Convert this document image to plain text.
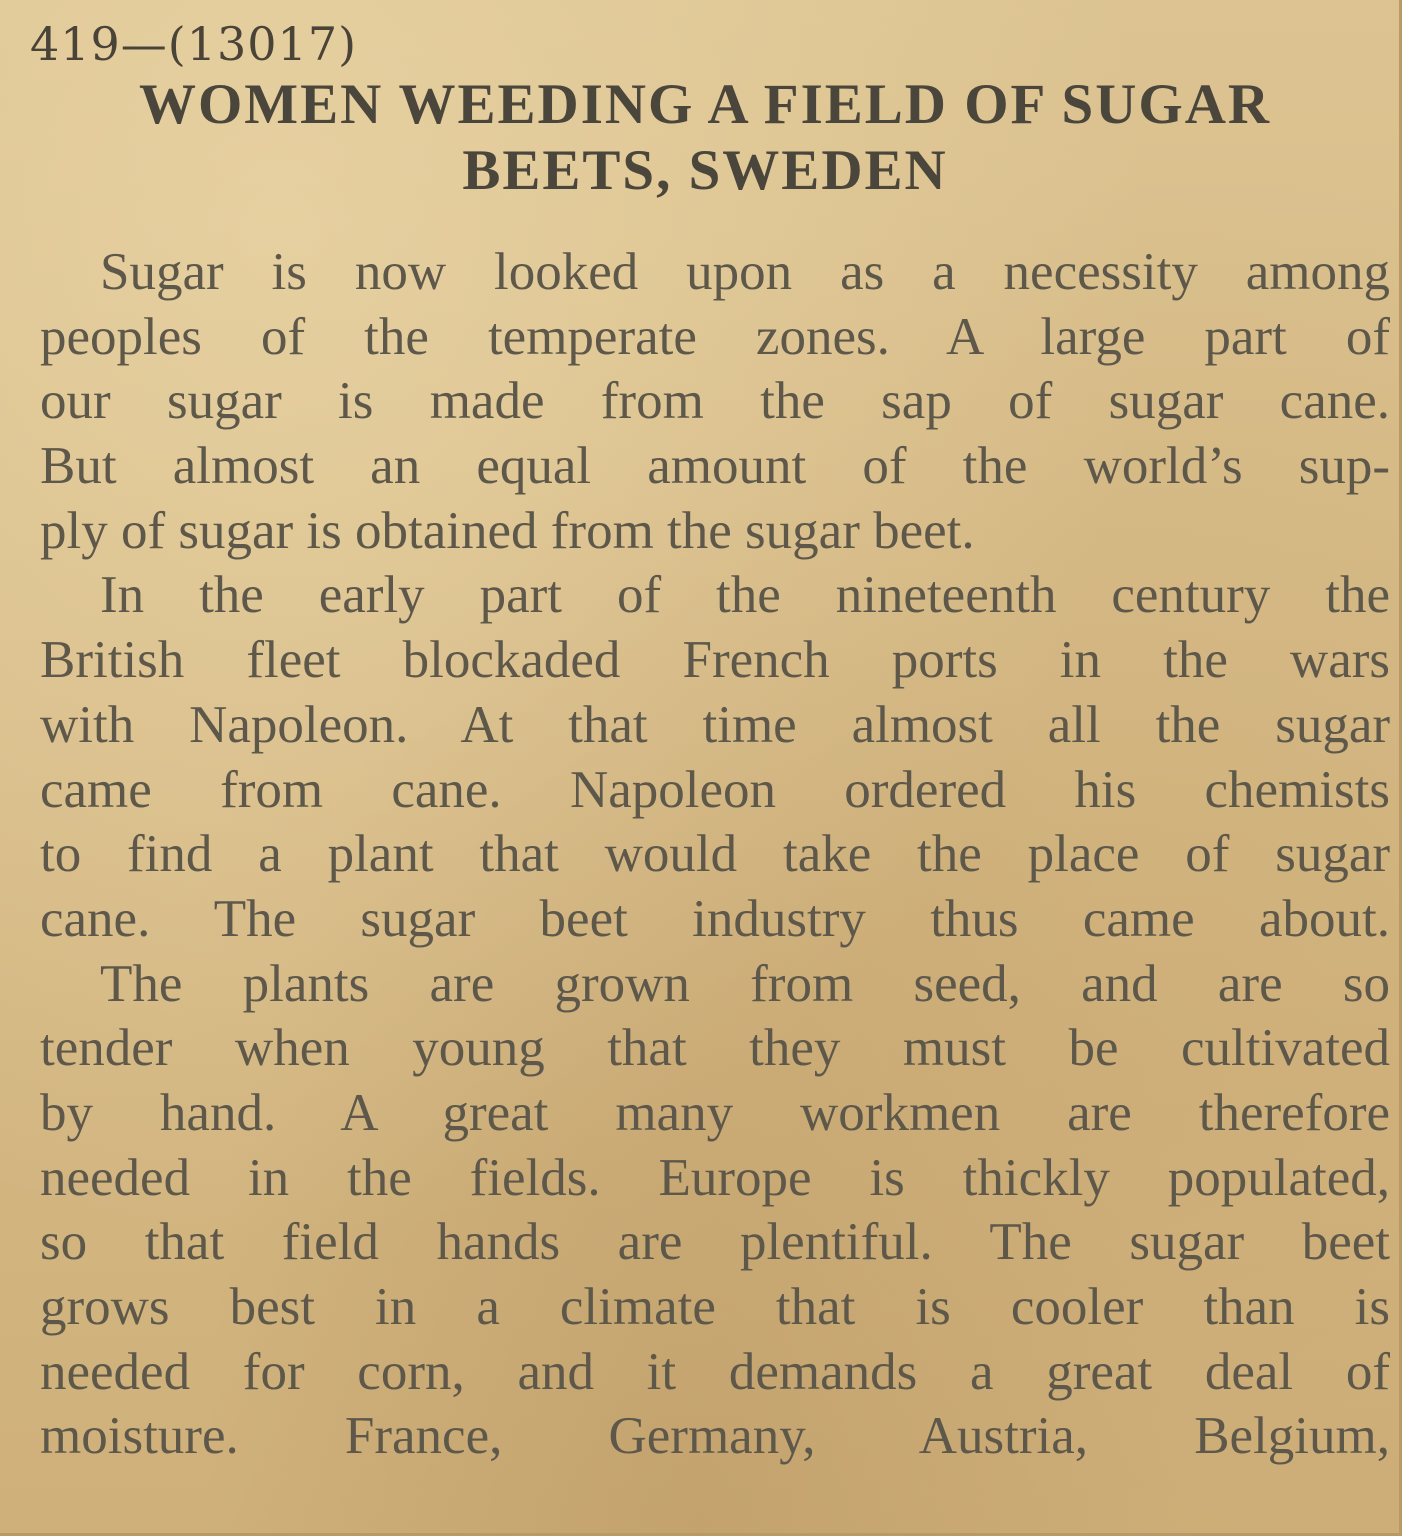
419—(13017)

WOMEN WEEDING A FIELD OF SUGAR
BEETS, SWEDEN
Sugar is now looked upon as a necessity among
peoples of the temperate zones. A large part of
our sugar is made from the sap of sugar cane.
But almost an equal amount of the world’s sup-
ply of sugar is obtained from the sugar beet.
In the early part of the nineteenth century the
British fleet blockaded French ports in the wars
with Napoleon. At that time almost all the sugar
came from cane. Napoleon ordered his chemists
to find a plant that would take the place of sugar
cane. The sugar beet industry thus came about.
The plants are grown from seed, and are so
tender when young that they must be cultivated
by hand. A great many workmen are therefore
needed in the fields. Europe is thickly populated,
so that field hands are plentiful. The sugar beet
grows best in a climate that is cooler than is
needed for corn, and it demands a great deal of
moisture. France, Germany, Austria, Belgium,
